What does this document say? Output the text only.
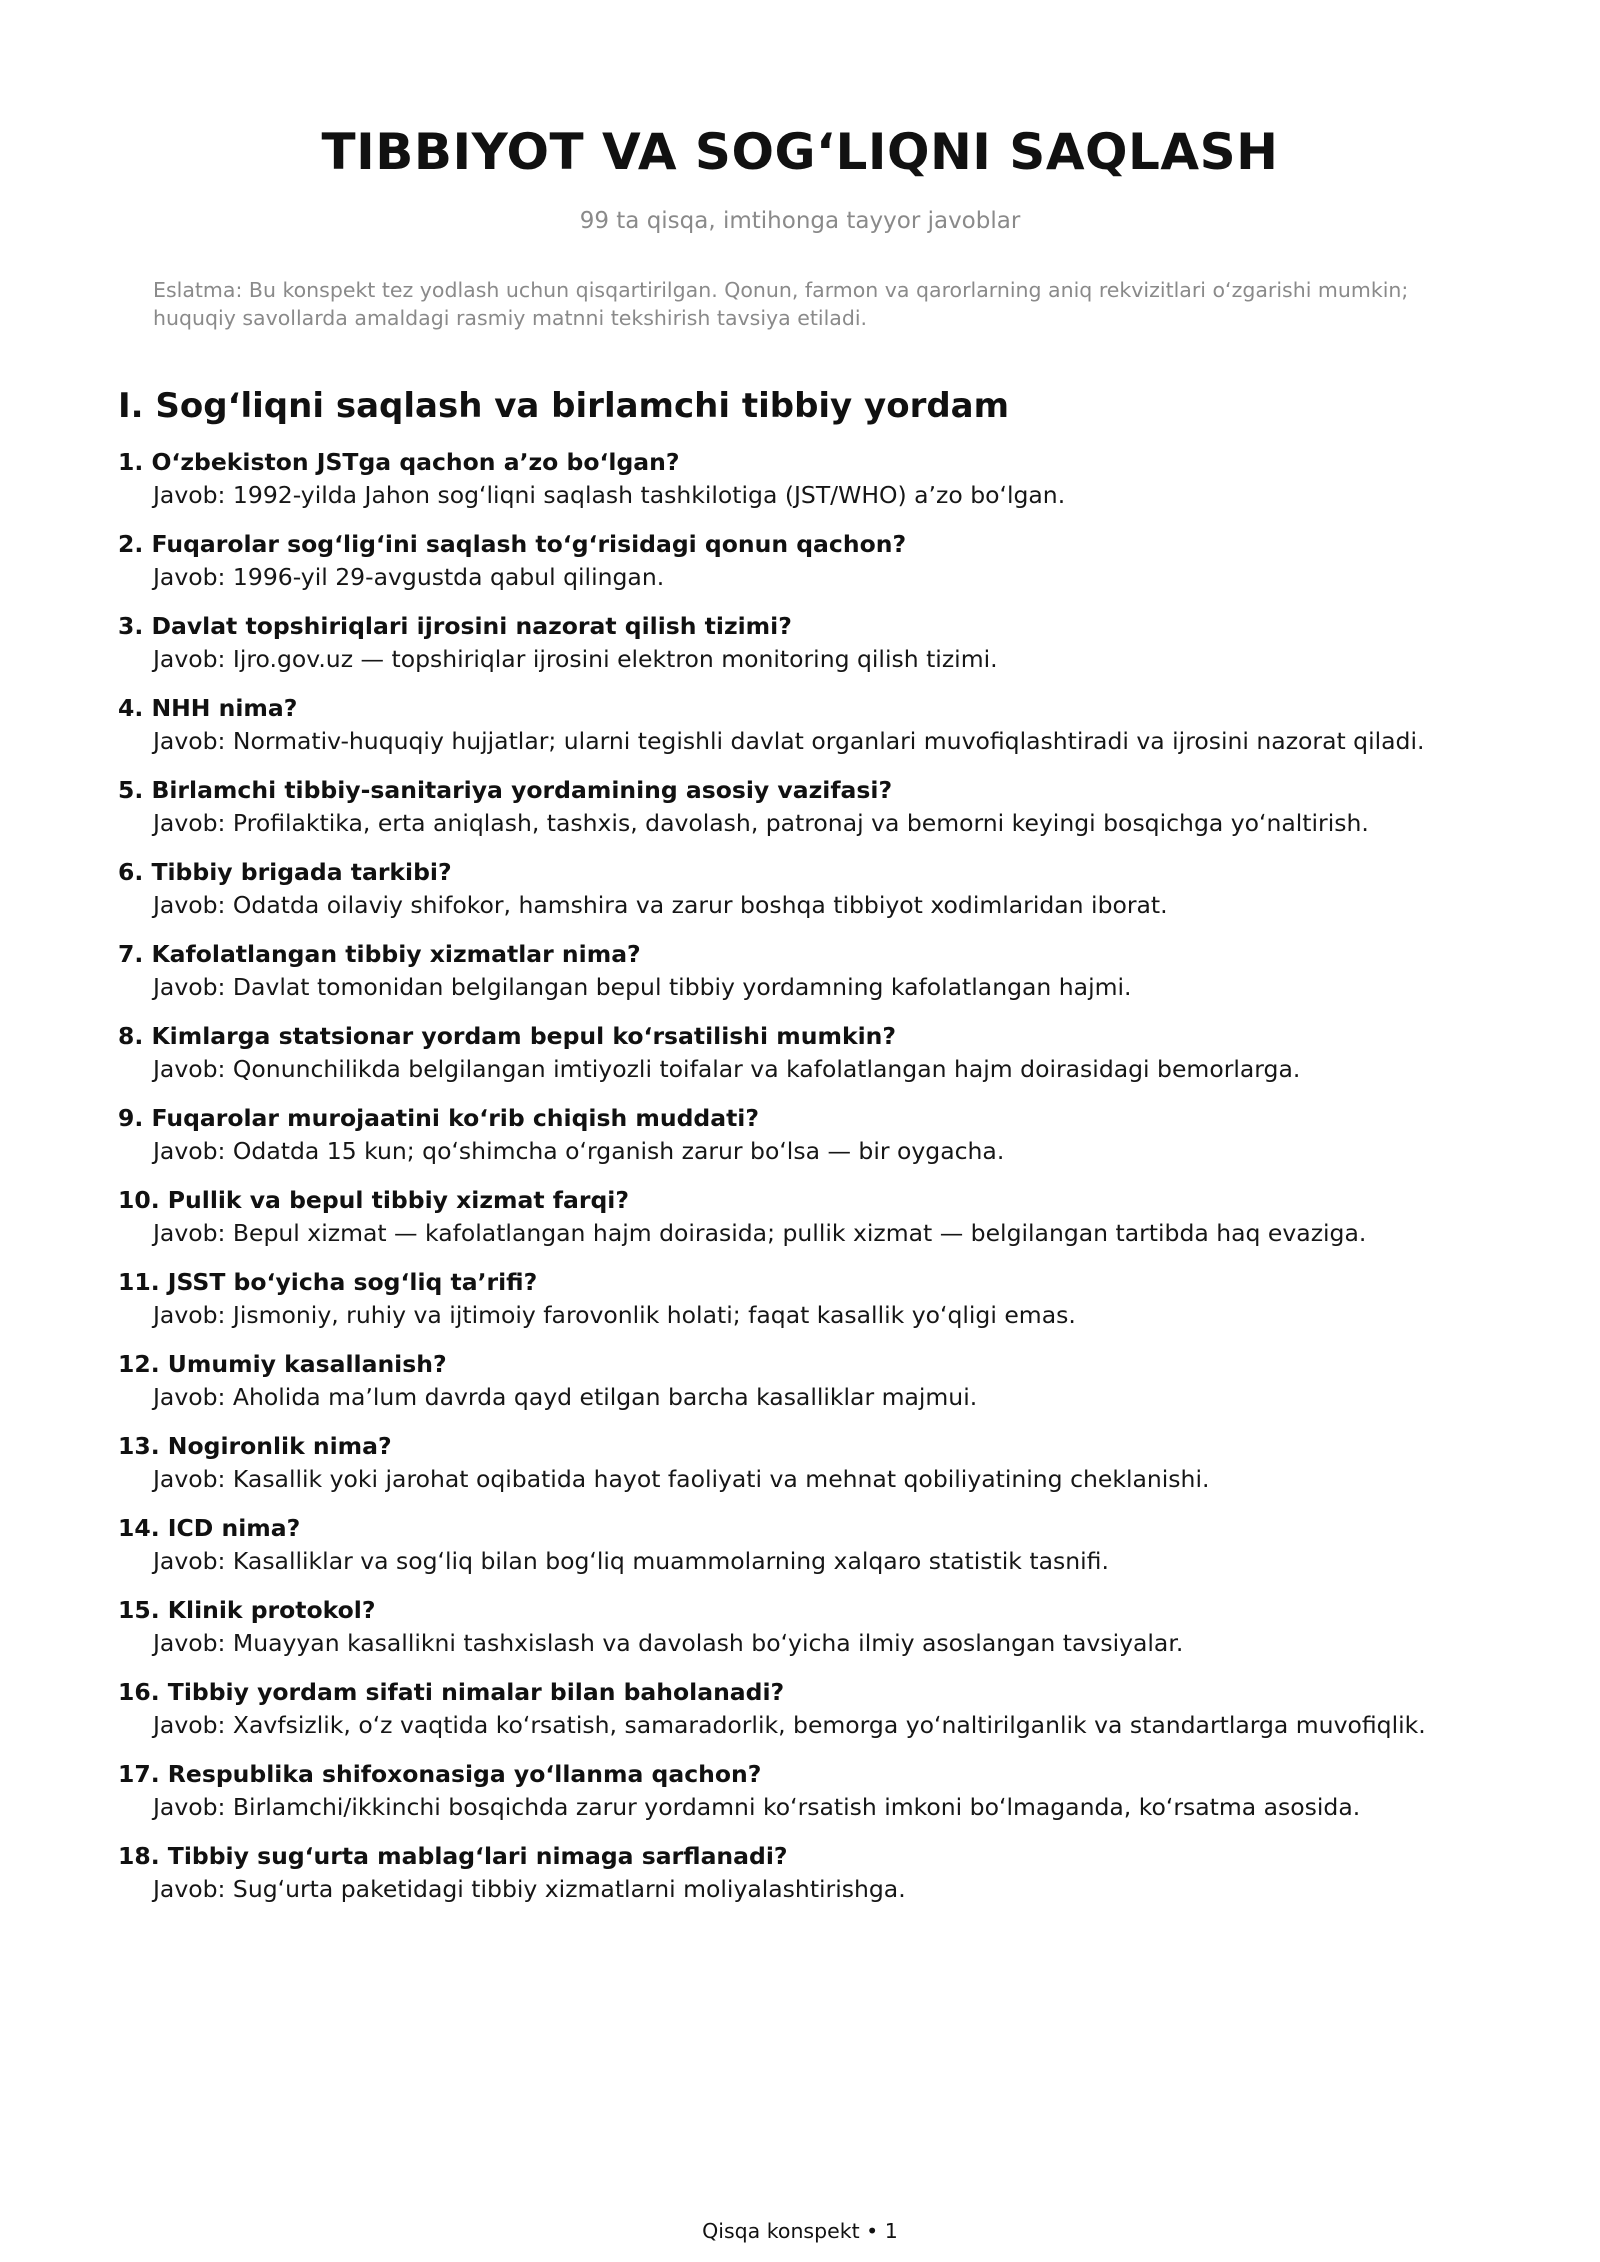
TIBBIYOT VA SOGʻLIQNI SAQLASH
99 ta qisqa, imtihonga tayyor javoblar
Eslatma: Bu konspekt tez yodlash uchun qisqartirilgan. Qonun, farmon va qarorlarning aniq rekvizitlari oʻzgarishi mumkin; huquqiy savollarda amaldagi rasmiy matnni tekshirish tavsiya etiladi.
I. Sogʻliqni saqlash va birlamchi tibbiy yordam
1. Oʻzbekiston JSTga qachon aʼzo boʻlgan?
Javob: 1992-yilda Jahon sogʻliqni saqlash tashkilotiga (JST/WHO) aʼzo boʻlgan.
2. Fuqarolar sogʻligʻini saqlash toʻgʻrisidagi qonun qachon?
Javob: 1996-yil 29-avgustda qabul qilingan.
3. Davlat topshiriqlari ijrosini nazorat qilish tizimi?
Javob: Ijro.gov.uz — topshiriqlar ijrosini elektron monitoring qilish tizimi.
4. NHH nima?
Javob: Normativ-huquqiy hujjatlar; ularni tegishli davlat organlari muvofiqlashtiradi va ijrosini nazorat qiladi.
5. Birlamchi tibbiy-sanitariya yordamining asosiy vazifasi?
Javob: Profilaktika, erta aniqlash, tashxis, davolash, patronaj va bemorni keyingi bosqichga yoʻnaltirish.
6. Tibbiy brigada tarkibi?
Javob: Odatda oilaviy shifokor, hamshira va zarur boshqa tibbiyot xodimlaridan iborat.
7. Kafolatlangan tibbiy xizmatlar nima?
Javob: Davlat tomonidan belgilangan bepul tibbiy yordamning kafolatlangan hajmi.
8. Kimlarga statsionar yordam bepul koʻrsatilishi mumkin?
Javob: Qonunchilikda belgilangan imtiyozli toifalar va kafolatlangan hajm doirasidagi bemorlarga.
9. Fuqarolar murojaatini koʻrib chiqish muddati?
Javob: Odatda 15 kun; qoʻshimcha oʻrganish zarur boʻlsa — bir oygacha.
10. Pullik va bepul tibbiy xizmat farqi?
Javob: Bepul xizmat — kafolatlangan hajm doirasida; pullik xizmat — belgilangan tartibda haq evaziga.
11. JSST boʻyicha sogʻliq taʼrifi?
Javob: Jismoniy, ruhiy va ijtimoiy farovonlik holati; faqat kasallik yoʻqligi emas.
12. Umumiy kasallanish?
Javob: Aholida maʼlum davrda qayd etilgan barcha kasalliklar majmui.
13. Nogironlik nima?
Javob: Kasallik yoki jarohat oqibatida hayot faoliyati va mehnat qobiliyatining cheklanishi.
14. ICD nima?
Javob: Kasalliklar va sogʻliq bilan bogʻliq muammolarning xalqaro statistik tasnifi.
15. Klinik protokol?
Javob: Muayyan kasallikni tashxislash va davolash boʻyicha ilmiy asoslangan tavsiyalar.
16. Tibbiy yordam sifati nimalar bilan baholanadi?
Javob: Xavfsizlik, oʻz vaqtida koʻrsatish, samaradorlik, bemorga yoʻnaltirilganlik va standartlarga muvofiqlik.
17. Respublika shifoxonasiga yoʻllanma qachon?
Javob: Birlamchi/ikkinchi bosqichda zarur yordamni koʻrsatish imkoni boʻlmaganda, koʻrsatma asosida.
18. Tibbiy sugʻurta mablagʻlari nimaga sarflanadi?
Javob: Sugʻurta paketidagi tibbiy xizmatlarni moliyalashtirishga.
Qisqa konspekt • 1
